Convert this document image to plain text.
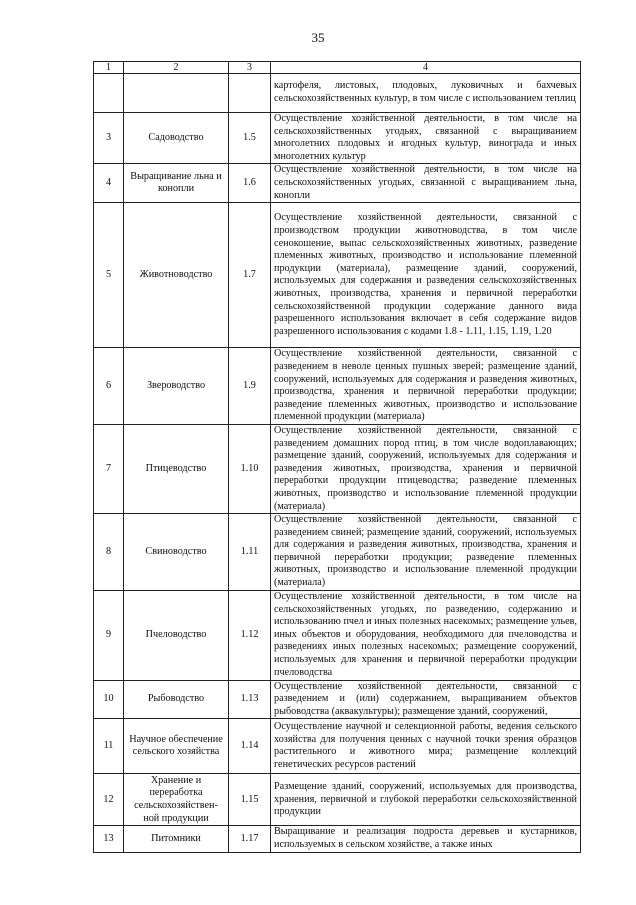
35
1	2	3	4
			картофеля, листовых, плодовых, луковичных и бахчевых сельскохозяйственных культур, в том числе с использованием теплиц
3	Садоводство	1.5	Осуществление хозяйственной деятельности, в том числе на сельскохозяйственных угодьях, связанной с выращиванием многолетних плодовых и ягодных культур, винограда и иных многолетних культур
4	Выращивание льна и конопли	1.6	Осуществление хозяйственной деятельности, в том числе на сельскохозяйственных угодьях, связанной с выращиванием льна, конопли
5	Животноводство	1.7	Осуществление хозяйственной деятельности, связанной с производством продукции животноводства, в том числе сенокошение, выпас сельскохозяйственных животных, разведение племенных животных, производство и использование племенной продукции (материала), размещение зданий, сооружений, используемых для содержания и разведения сельскохозяйственных животных, производства, хранения и первичной переработки сельскохозяйственной продукции содержание данного вида разрешенного использования включает в себя содержание видов разрешенного использования с кодами 1.8 - 1.11, 1.15, 1.19, 1.20
6	Звероводство	1.9	Осуществление хозяйственной деятельности, связанной с разведением в неволе ценных пушных зверей; размещение зданий, сооружений, используемых для содержания и разведения животных, производства, хранения и первичной переработки продукции; разведение племенных животных, производство и использование племенной продукции (материала)
7	Птицеводство	1.10	Осуществление хозяйственной деятельности, связанной с разведением домашних пород птиц, в том числе водоплавающих; размещение зданий, сооружений, используемых для содержания и разведения животных, производства, хранения и первичной переработки продукции птицеводства; разведение племенных животных, производство и использование племенной продукции (материала)
8	Свиноводство	1.11	Осуществление хозяйственной деятельности, связанной с разведением свиней; размещение зданий, сооружений, используемых для содержания и разведения животных, производства, хранения и первичной переработки продукции; разведение племенных животных, производство и использование племенной продукции (материала)
9	Пчеловодство	1.12	Осуществление хозяйственной деятельности, в том числе на сельскохозяйственных угодьях, по разведению, содержанию и использованию пчел и иных полезных насекомых; размещение ульев, иных объектов и оборудования, необходимого для пчеловодства и разведениях иных полезных насекомых; размещение сооружений, используемых для хранения и первичной переработки продукции пчеловодства
10	Рыбоводство	1.13	Осуществление хозяйственной деятельности, связанной с разведением и (или) содержанием, выращиванием объектов рыбоводства (аквакультуры); размещение зданий, сооружений,
11	Научное обеспечение сельского хозяйства	1.14	Осуществление научной и селекционной работы, ведения сельского хозяйства для получения ценных с научной точки зрения образцов растительного и животного мира; размещение коллекций генетических ресурсов растений
12	Хранение и переработка сельскохозяйствен-ной продукции	1.15	Размещение зданий, сооружений, используемых для производства, хранения, первичной и глубокой переработки сельскохозяйственной продукции
13	Питомники	1.17	Выращивание и реализация подроста деревьев и кустарников, используемых в сельском хозяйстве, а также иных
